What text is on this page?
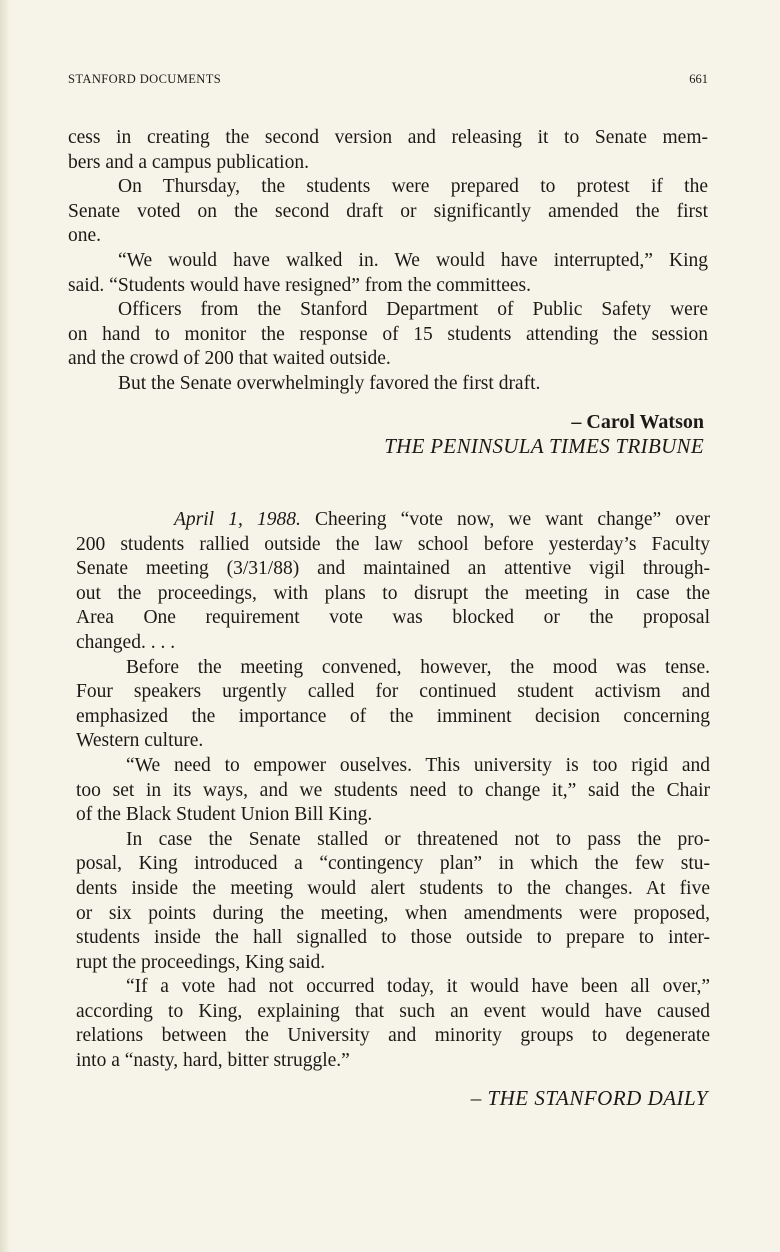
STANFORD DOCUMENTS	661
cess in creating the second version and releasing it to Senate mem-
bers and a campus publication.
On Thursday, the students were prepared to protest if the
Senate voted on the second draft or significantly amended the first
one.
“We would have walked in. We would have interrupted,” King
said. “Students would have resigned” from the committees.
Officers from the Stanford Department of Public Safety were
on hand to monitor the response of 15 students attending the session
and the crowd of 200 that waited outside.
But the Senate overwhelmingly favored the first draft.
– Carol Watson
THE PENINSULA TIMES TRIBUNE
April 1, 1988. Cheering “vote now, we want change” over
200 students rallied outside the law school before yesterday’s Faculty
Senate meeting (3/31/88) and maintained an attentive vigil through-
out the proceedings, with plans to disrupt the meeting in case the
Area One requirement vote was blocked or the proposal
changed. . . .
Before the meeting convened, however, the mood was tense.
Four speakers urgently called for continued student activism and
emphasized the importance of the imminent decision concerning
Western culture.
“We need to empower ouselves. This university is too rigid and
too set in its ways, and we students need to change it,” said the Chair
of the Black Student Union Bill King.
In case the Senate stalled or threatened not to pass the pro-
posal, King introduced a “contingency plan” in which the few stu-
dents inside the meeting would alert students to the changes. At five
or six points during the meeting, when amendments were proposed,
students inside the hall signalled to those outside to prepare to inter-
rupt the proceedings, King said.
“If a vote had not occurred today, it would have been all over,”
according to King, explaining that such an event would have caused
relations between the University and minority groups to degenerate
into a “nasty, hard, bitter struggle.”
– THE STANFORD DAILY
